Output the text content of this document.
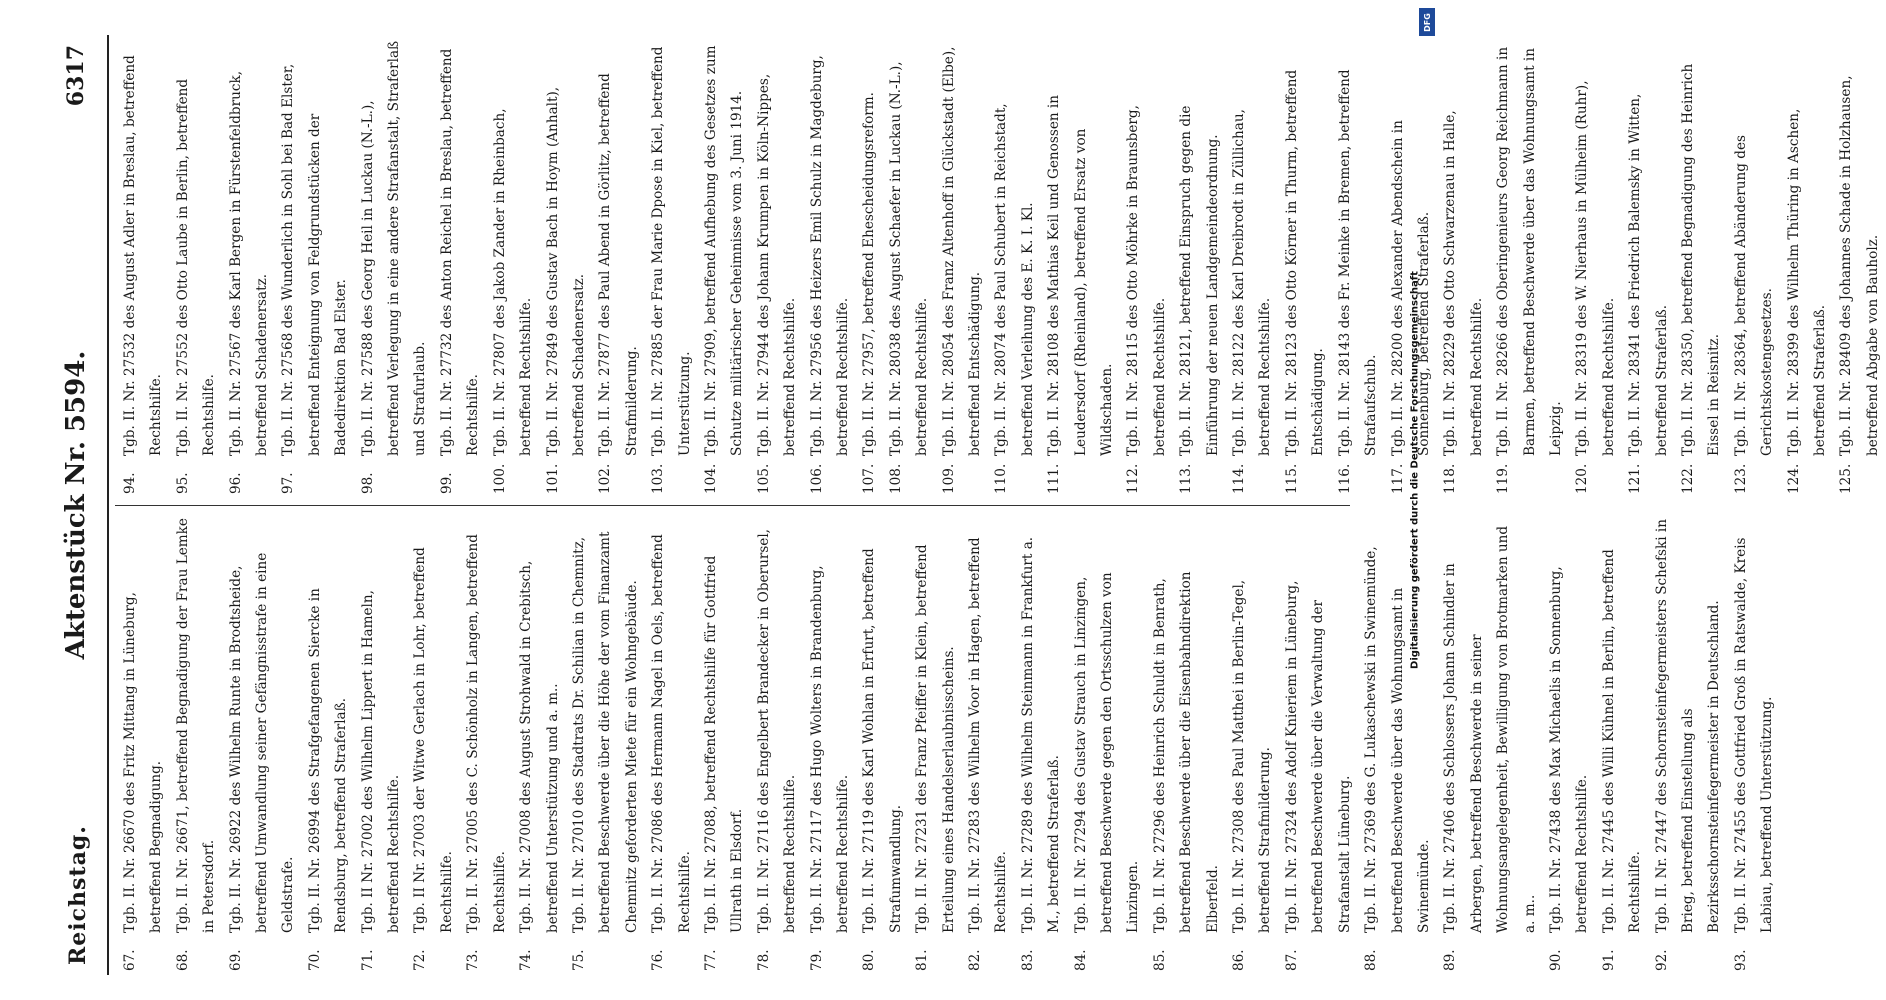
Reichstag.
Aktenstück Nr. 5594.
6317
67.
Tgb. II. Nr. 26670 des Fritz Mittang in Lüneburg, betreffend Begnadigung.
68.
Tgb. II. Nr. 26671, betreffend Begnadigung der Frau Lemke in Petersdorf.
69.
Tgb. II. Nr. 26922 des Wilhelm Runte in Brodtsheide, betreffend Umwandlung seiner Gefängnisstrafe in eine Geldstrafe.
70.
Tgb. II. Nr. 26994 des Strafgefangenen Siercke in Rendsburg, betreffend Straferlaß.
71.
Tgb. II Nr. 27002 des Wilhelm Lippert in Hameln, betreffend Rechtshilfe.
72.
Tgb. II Nr. 27003 der Witwe Gerlach in Lohr, betreffend Rechtshilfe.
73.
Tgb. II. Nr. 27005 des C. Schönholz in Langen, betreffend Rechtshilfe.
74.
Tgb. II. Nr. 27008 des August Strohwald in Crebitsch, betreffend Unterstützung und a. m..
75.
Tgb. II. Nr. 27010 des Stadtrats Dr. Schilian in Chemnitz, betreffend Beschwerde über die Höhe der vom Finanzamt Chemnitz geforderten Miete für ein Wohngebäude.
76.
Tgb. II. Nr. 27086 des Hermann Nagel in Oels, betreffend Rechtshilfe.
77.
Tgb. II. Nr. 27088, betreffend Rechtshilfe für Gottfried Ullrath in Elsdorf.
78.
Tgb. II. Nr. 27116 des Engelbert Brandecker in Oberursel, betreffend Rechtshilfe.
79.
Tgb. II. Nr. 27117 des Hugo Wolters in Brandenburg, betreffend Rechtshilfe.
80.
Tgb. II. Nr. 27119 des Karl Wohlan in Erfurt, betreffend Strafumwandlung.
81.
Tgb. II. Nr. 27231 des Franz Pfeiffer in Klein, betreffend Erteilung eines Handelserlaubnisscheins.
82.
Tgb. II. Nr. 27283 des Wilhelm Voor in Hagen, betreffend Rechtshilfe.
83.
Tgb. II. Nr. 27289 des Wilhelm Steinmann in Frankfurt a. M., betreffend Straferlaß.
84.
Tgb. II. Nr. 27294 des Gustav Strauch in Linzingen, betreffend Beschwerde gegen den Ortsschulzen von Linzingen.
85.
Tgb. II. Nr. 27296 des Heinrich Schuldt in Benrath, betreffend Beschwerde über die Eisenbahndirektion Elberfeld.
86.
Tgb. II. Nr. 27308 des Paul Matthei in Berlin-Tegel, betreffend Strafmilderung.
87.
Tgb. II. Nr. 27324 des Adolf Knieriem in Lüneburg, betreffend Beschwerde über die Verwaltung der Strafanstalt Lüneburg.
88.
Tgb. II. Nr. 27369 des G. Lukaschewski in Swinemünde, betreffend Beschwerde über das Wohnungsamt in Swinemünde.
89.
Tgb. II. Nr. 27406 des Schlossers Johann Schindler in Arbergen, betreffend Beschwerde in seiner Wohnungsangelegenheit, Bewilligung von Brotmarken und a. m..
90.
Tgb. II. Nr. 27438 des Max Michaelis in Sonnenburg, betreffend Rechtshilfe.
91.
Tgb. II. Nr. 27445 des Willi Kühnel in Berlin, betreffend Rechtshilfe.
92.
Tgb. II. Nr. 27447 des Schornsteinfegermeisters Schefski in Brieg, betreffend Einstellung als Bezirksschornsteinfegermeister in Deutschland.
93.
Tgb. II. Nr. 27455 des Gottfried Groß in Ratswalde, Kreis Labiau, betreffend Unterstützung.
94.
Tgb. II. Nr. 27532 des August Adler in Breslau, betreffend Rechtshilfe.
95.
Tgb. II. Nr. 27552 des Otto Laube in Berlin, betreffend Rechtshilfe.
96.
Tgb. II. Nr. 27567 des Karl Bergen in Fürstenfeldbruck, betreffend Schadenersatz.
97.
Tgb. II. Nr. 27568 des Wunderlich in Sohl bei Bad Elster, betreffend Enteignung von Feldgrundstücken der Badedirektion Bad Elster.
98.
Tgb. II. Nr. 27588 des Georg Heil in Luckau (N.-L.), betreffend Verlegung in eine andere Strafanstalt, Straferlaß und Strafurlaub.
99.
Tgb. II. Nr. 27732 des Anton Reichel in Breslau, betreffend Rechtshilfe.
100.
Tgb. II. Nr. 27807 des Jakob Zander in Rheinbach, betreffend Rechtshilfe.
101.
Tgb. II. Nr. 27849 des Gustav Bach in Hoym (Anhalt), betreffend Schadenersatz.
102.
Tgb. II. Nr. 27877 des Paul Abend in Görlitz, betreffend Strafmilderung.
103.
Tgb. II. Nr. 27885 der Frau Marie Dpose in Kiel, betreffend Unterstützung.
104.
Tgb. II. Nr. 27909, betreffend Aufhebung des Gesetzes zum Schutze militärischer Geheimnisse vom 3. Juni 1914.
105.
Tgb. II. Nr. 27944 des Johann Krumpen in Köln-Nippes, betreffend Rechtshilfe.
106.
Tgb. II. Nr. 27956 des Heizers Emil Schulz in Magdeburg, betreffend Rechtshilfe.
107.
Tgb. II. Nr. 27957, betreffend Ehescheidungsreform.
108.
Tgb. II. Nr. 28038 des August Schaefer in Luckau (N.-L.), betreffend Rechtshilfe.
109.
Tgb. II. Nr. 28054 des Franz Altenhoff in Glückstadt (Elbe), betreffend Entschädigung.
110.
Tgb. II. Nr. 28074 des Paul Schubert in Reichstadt, betreffend Verleihung des E. K. I. Kl.
111.
Tgb. II. Nr. 28108 des Mathias Keil und Genossen in Leudersdorf (Rheinland), betreffend Ersatz von Wildschaden.
112.
Tgb. II. Nr. 28115 des Otto Möhrke in Braunsberg, betreffend Rechtshilfe.
113.
Tgb. II. Nr. 28121, betreffend Einspruch gegen die Einführung der neuen Landgemeindeordnung.
114.
Tgb. II. Nr. 28122 des Karl Dreibrodt in Züllichau, betreffend Rechtshilfe.
115.
Tgb. II. Nr. 28123 des Otto Körner in Thurm, betreffend Entschädigung.
116.
Tgb. II. Nr. 28143 des Fr. Meinke in Bremen, betreffend Strafaufschub.
117.
Tgb. II. Nr. 28200 des Alexander Abendschein in Sonnenburg, betreffend Straferlaß.
118.
Tgb. II. Nr. 28229 des Otto Schwarzenau in Halle, betreffend Rechtshilfe.
119.
Tgb. II. Nr. 28266 des Oberingenieurs Georg Reichmann in Barmen, betreffend Beschwerde über das Wohnungsamt in Leipzig.
120.
Tgb. II. Nr. 28319 des W. Nierhaus in Mülheim (Ruhr), betreffend Rechtshilfe.
121.
Tgb. II. Nr. 28341 des Friedrich Balemsky in Witten, betreffend Straferlaß.
122.
Tgb. II. Nr. 28350, betreffend Begnadigung des Heinrich Eissel in Reisnitz.
123.
Tgb. II. Nr. 28364, betreffend Abänderung des Gerichtskostengesetzes.
124.
Tgb. II. Nr. 28399 des Wilhelm Thüring in Aschen, betreffend Straferlaß.
125.
Tgb. II. Nr. 28409 des Johannes Schade in Holzhausen, betreffend Abgabe von Bauholz.
Digitalisierung gefördert durch die Deutsche Forschungsgemeinschaft
DFG
